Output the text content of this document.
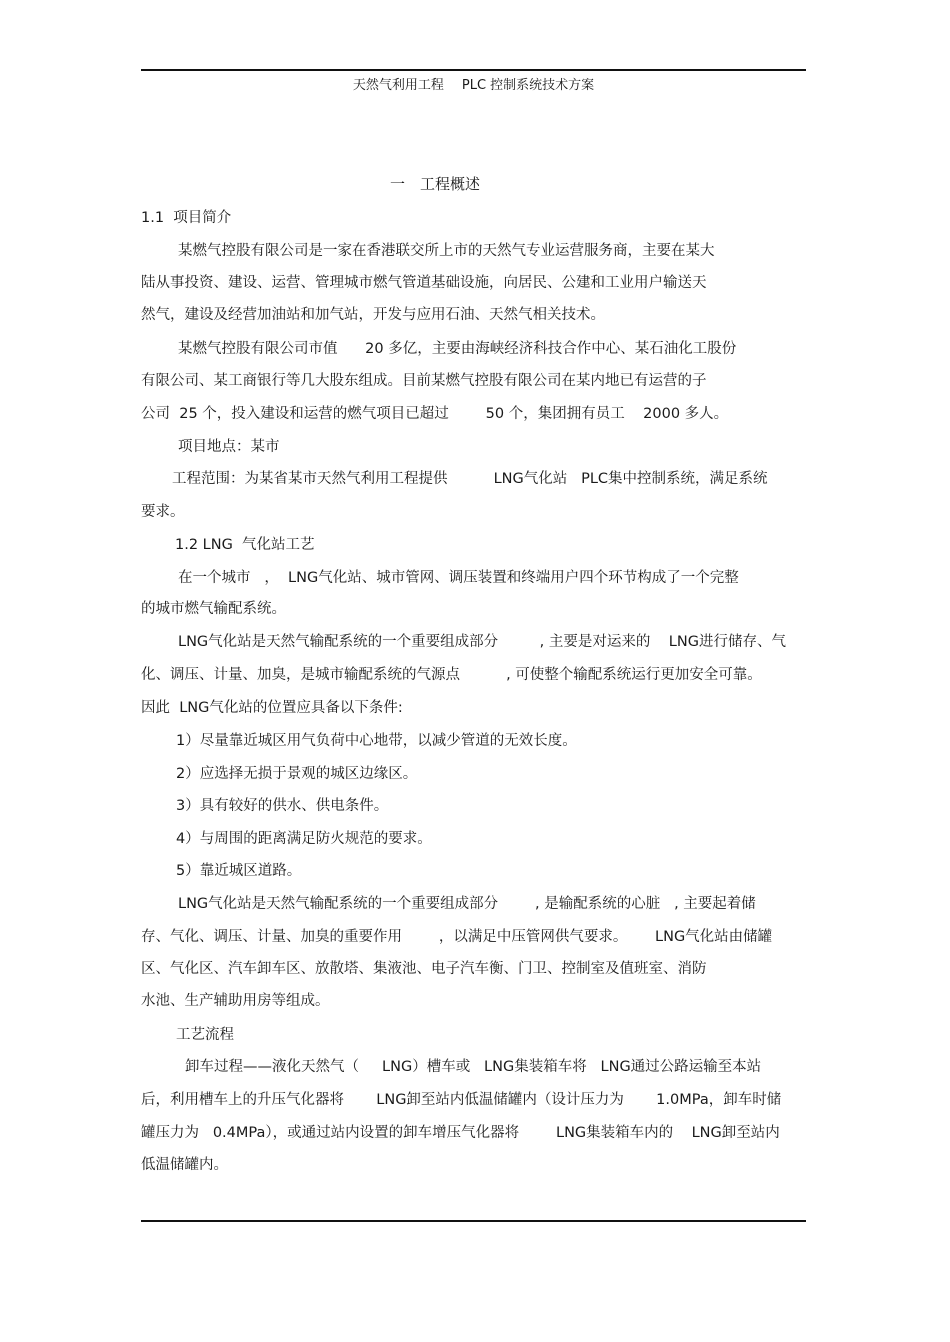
天然气利用工程 PLC 控制系统技术方案
一　工程概述
1.1  项目简介
某燃气控股有限公司是一家在香港联交所上市的天然气专业运营服务商，主要在某大
陆从事投资、建设、运营、管理城市燃气管道基础设施，向居民、公建和工业用户输送天
然气，建设及经营加油站和加气站，开发与应用石油、天然气相关技术。
某燃气控股有限公司市值      20 多亿，主要由海峡经济科技合作中心、某石油化工股份
有限公司、某工商银行等几大股东组成。目前某燃气控股有限公司在某内地已有运营的子
公司  25 个，投入建设和运营的燃气项目已超过        50 个，集团拥有员工    2000 多人。
项目地点：某市
工程范围：为某省某市天然气利用工程提供          LNG气化站   PLC集中控制系统，满足系统
要求。
1.2 LNG  气化站工艺
在一个城市   ，  LNG气化站、城市管网、调压装置和终端用户四个环节构成了一个完整
的城市燃气输配系统。
LNG气化站是天然气输配系统的一个重要组成部分         , 主要是对运来的    LNG进行储存、气
化、调压、计量、加臭，是城市输配系统的气源点          , 可使整个输配系统运行更加安全可靠。
因此  LNG气化站的位置应具备以下条件:
1）尽量靠近城区用气负荷中心地带，以减少管道的无效长度。
2）应选择无损于景观的城区边缘区。
3）具有较好的供水、供电条件。
4）与周围的距离满足防火规范的要求。
5）靠近城区道路。
LNG气化站是天然气输配系统的一个重要组成部分        , 是输配系统的心脏   , 主要起着储
存、气化、调压、计量、加臭的重要作用        ，以满足中压管网供气要求。      LNG气化站由储罐
区、气化区、汽车卸车区、放散塔、集液池、电子汽车衡、门卫、控制室及值班室、消防
水池、生产辅助用房等组成。
工艺流程
卸车过程——液化天然气（     LNG）槽车或   LNG集装箱车将   LNG通过公路运输至本站
后，利用槽车上的升压气化器将       LNG卸至站内低温储罐内（设计压力为       1.0MPa，卸车时储
罐压力为   0.4MPa），或通过站内设置的卸车增压气化器将        LNG集装箱车内的    LNG卸至站内
低温储罐内。
